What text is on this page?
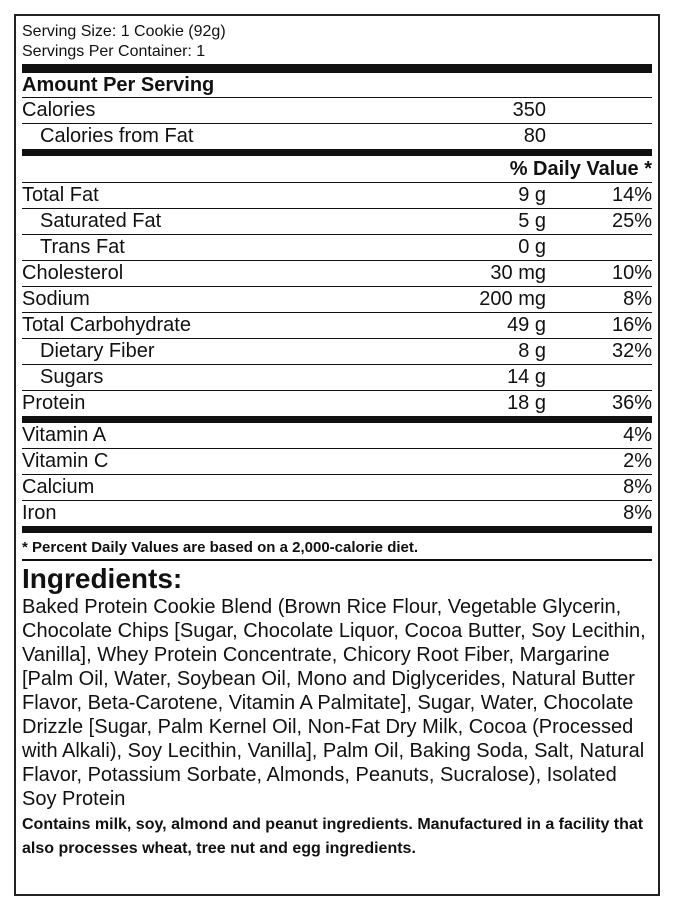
Serving Size: 1 Cookie (92g)
Servings Per Container: 1
Amount Per Serving
Calories	350
Calories from Fat	80
% Daily Value *
Total Fat	9 g	14%
Saturated Fat	5 g	25%
Trans Fat	0 g
Cholesterol	30 mg	10%
Sodium	200 mg	8%
Total Carbohydrate	49 g	16%
Dietary Fiber	8 g	32%
Sugars	14 g
Protein	18 g	36%
Vitamin A	4%
Vitamin C	2%
Calcium	8%
Iron	8%
* Percent Daily Values are based on a 2,000-calorie diet.
Ingredients:
Baked Protein Cookie Blend (Brown Rice Flour, Vegetable Glycerin, Chocolate Chips [Sugar, Chocolate Liquor, Cocoa Butter, Soy Lecithin, Vanilla], Whey Protein Concentrate, Chicory Root Fiber, Margarine [Palm Oil, Water, Soybean Oil, Mono and Diglycerides, Natural Butter Flavor, Beta-Carotene, Vitamin A Palmitate], Sugar, Water, Chocolate Drizzle [Sugar, Palm Kernel Oil, Non-Fat Dry Milk, Cocoa (Processed with Alkali), Soy Lecithin, Vanilla], Palm Oil, Baking Soda, Salt, Natural Flavor, Potassium Sorbate, Almonds, Peanuts, Sucralose), Isolated Soy Protein
Contains milk, soy, almond and peanut ingredients. Manufactured in a facility that also processes wheat, tree nut and egg ingredients.
